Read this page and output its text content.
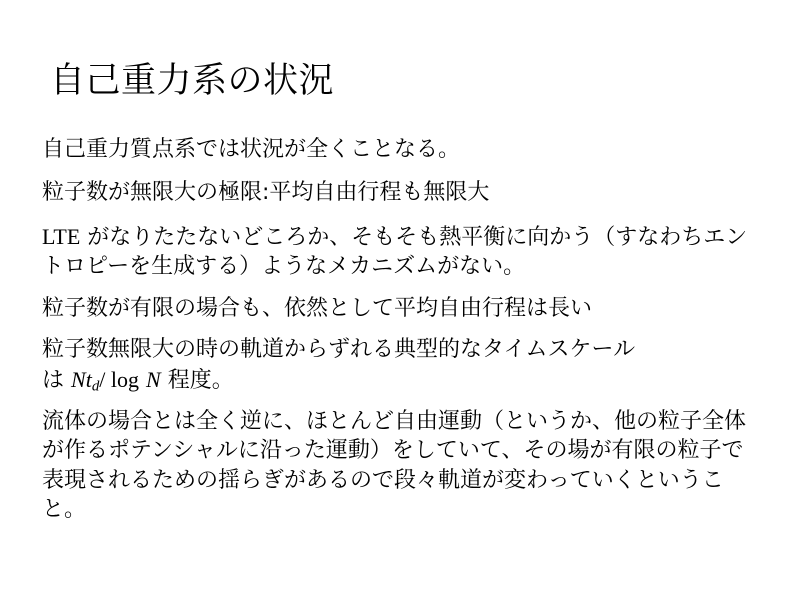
自己重力系の状況
自己重力質点系では状況が全くことなる。
粒子数が無限大の極限:平均自由行程も無限大
LTE がなりたたないどころか、そもそも熱平衡に向かう（すなわちエントロピーを生成する）ようなメカニズムがない。
粒子数が有限の場合も、依然として平均自由行程は長い
粒子数無限大の時の軌道からずれる典型的なタイムスケール
は $Nt_d/$ log N 程度。
流体の場合とは全く逆に、ほとんど自由運動（というか、他の粒子全体が作るポテンシャルに沿った運動）をしていて、その場が有限の粒子で表現されるための揺らぎがあるので段々軌道が変わっていくということ。
